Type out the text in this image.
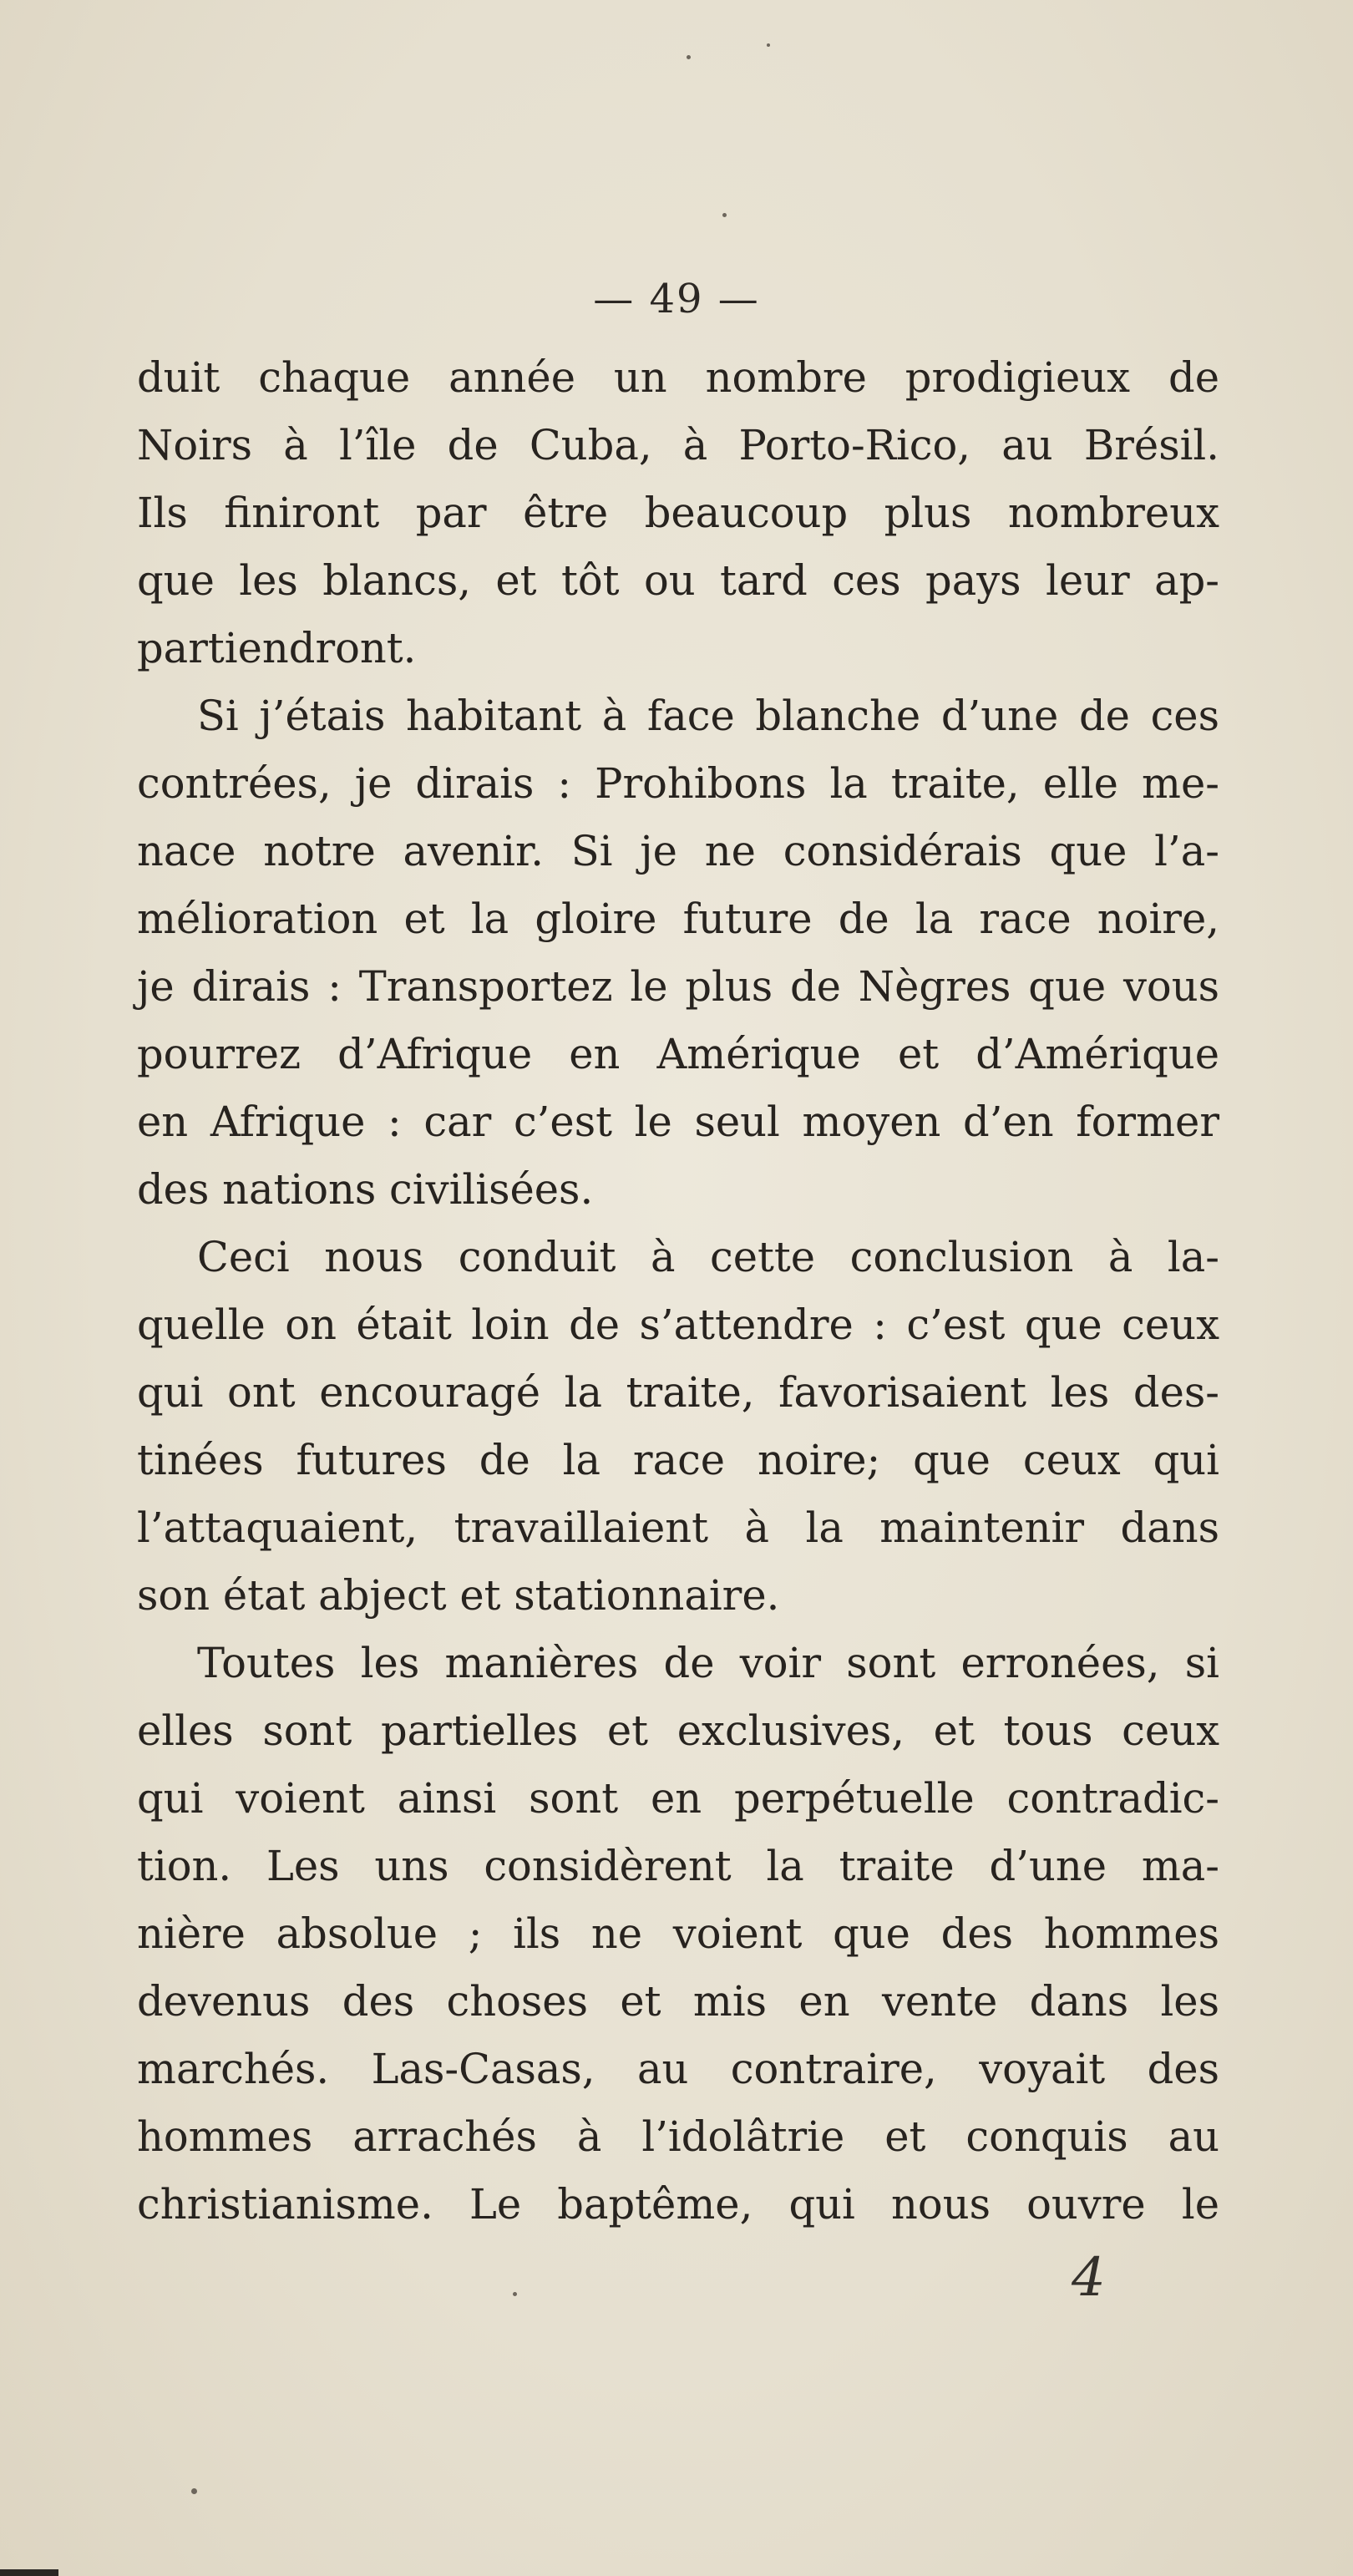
— 49 —
duit chaque année un nombre prodigieux de
Noirs à l’île de Cuba, à Porto-Rico, au Brésil.
Ils finiront par être beaucoup plus nombreux
que les blancs, et tôt ou tard ces pays leur ap-
partiendront.
Si j’étais habitant à face blanche d’une de ces
contrées, je dirais : Prohibons la traite, elle me-
nace notre avenir. Si je ne considérais que l’a-
mélioration et la gloire future de la race noire,
je dirais : Transportez le plus de Nègres que vous
pourrez d’Afrique en Amérique et d’Amérique
en Afrique : car c’est le seul moyen d’en former
des nations civilisées.
Ceci nous conduit à cette conclusion à la-
quelle on était loin de s’attendre : c’est que ceux
qui ont encouragé la traite, favorisaient les des-
tinées futures de la race noire; que ceux qui
l’attaquaient, travaillaient à la maintenir dans
son état abject et stationnaire.
Toutes les manières de voir sont erronées, si
elles sont partielles et exclusives, et tous ceux
qui voient ainsi sont en perpétuelle contradic-
tion. Les uns considèrent la traite d’une ma-
nière absolue ; ils ne voient que des hommes
devenus des choses et mis en vente dans les
marchés. Las-Casas, au contraire, voyait des
hommes arrachés à l’idolâtrie et conquis au
christianisme. Le baptême, qui nous ouvre le
4
